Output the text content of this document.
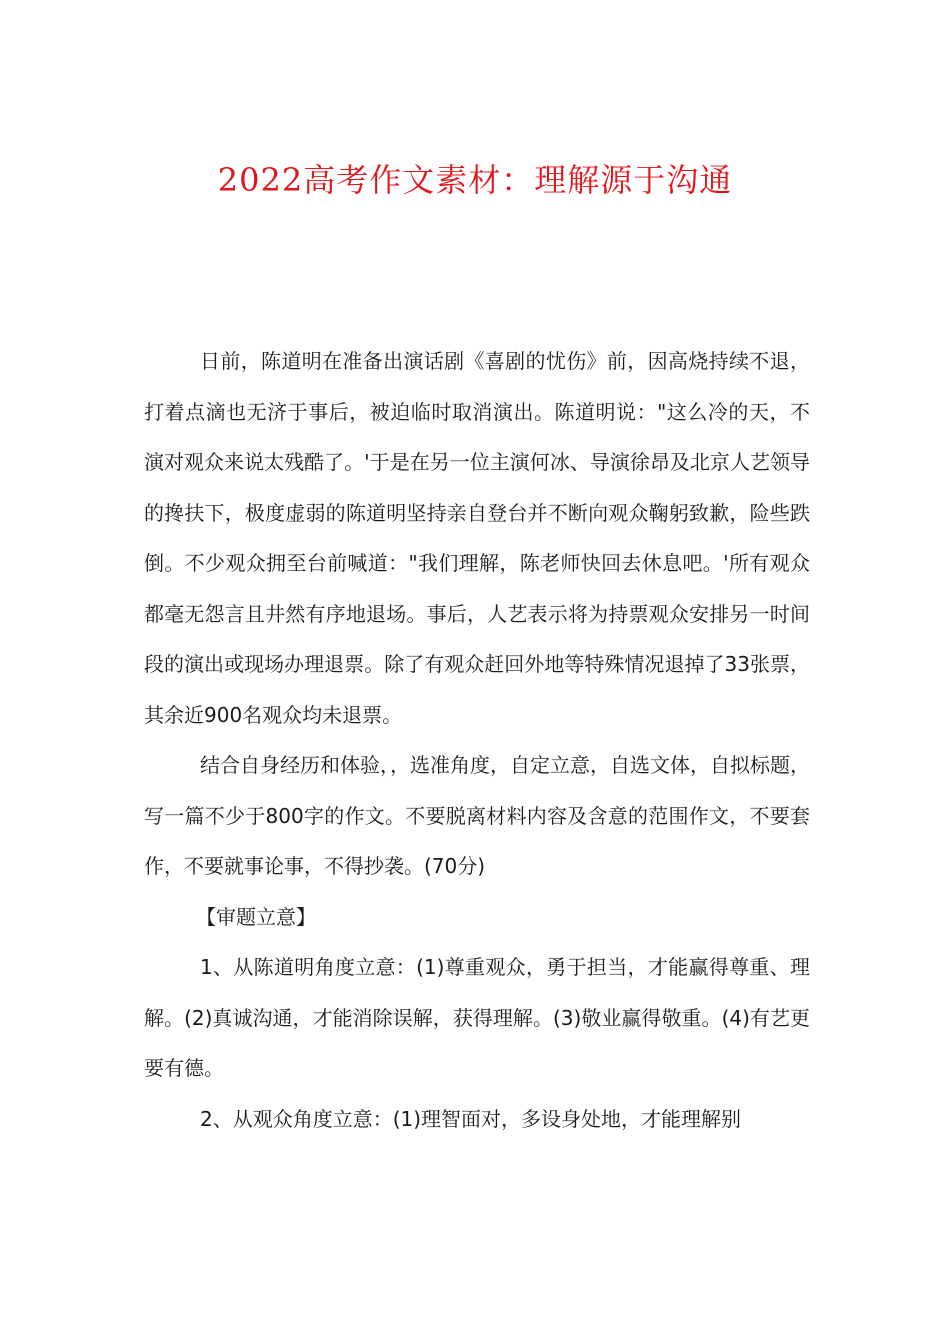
2022高考作文素材：理解源于沟通

日前，陈道明在准备出演话剧《喜剧的忧伤》前，因高烧持续不退，打着点滴也无济于事后，被迫临时取消演出。陈道明说："这么冷的天，不演对观众来说太残酷了。'于是在另一位主演何冰、导演徐昂及北京人艺领导的搀扶下，极度虚弱的陈道明坚持亲自登台并不断向观众鞠躬致歉，险些跌倒。不少观众拥至台前喊道："我们理解，陈老师快回去休息吧。'所有观众都毫无怨言且井然有序地退场。事后，人艺表示将为持票观众安排另一时间段的演出或现场办理退票。除了有观众赶回外地等特殊情况退掉了33张票，其余近900名观众均未退票。

结合自身经历和体验，，选准角度，自定立意，自选文体，自拟标题，写一篇不少于800字的作文。不要脱离材料内容及含意的范围作文，不要套作，不要就事论事，不得抄袭。(70分)

【审题立意】

1、从陈道明角度立意：(1)尊重观众，勇于担当，才能赢得尊重、理解。(2)真诚沟通，才能消除误解，获得理解。(3)敬业赢得敬重。(4)有艺更要有德。

2、从观众角度立意：(1)理智面对，多设身处地，才能理解别
